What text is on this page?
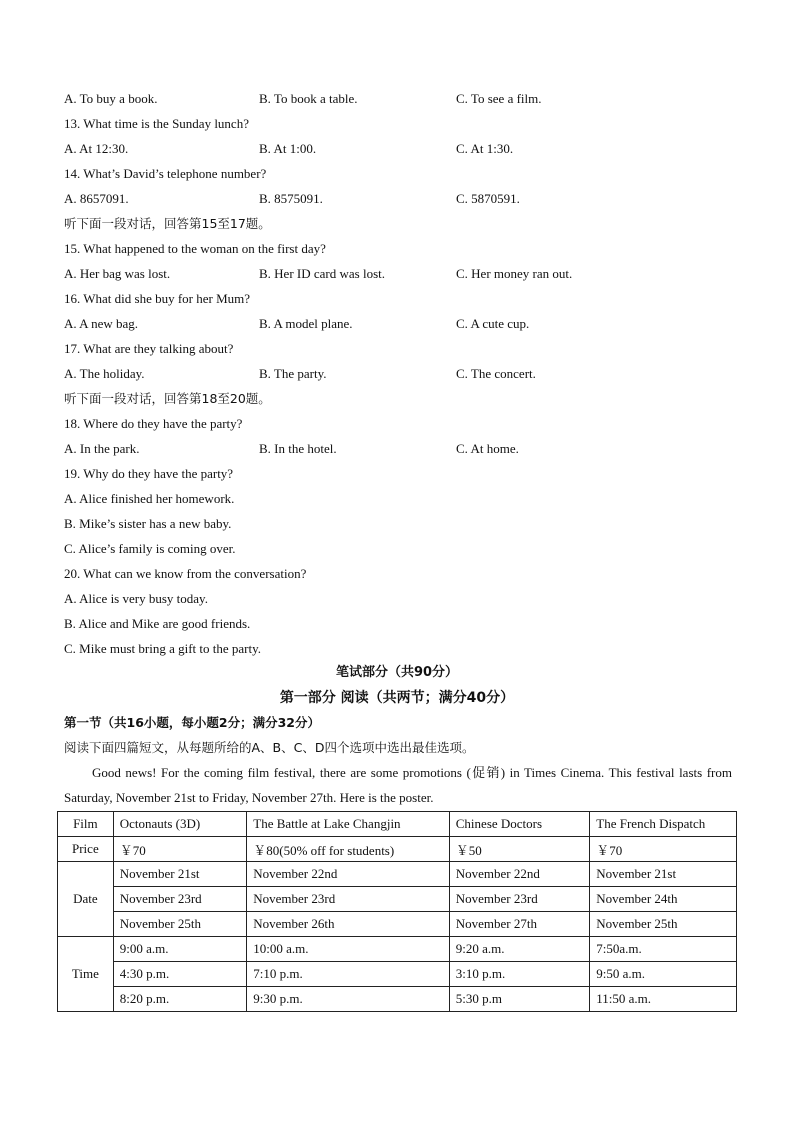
A. To buy a book.	B. To book a table.	C. To see a film.
13. What time is the Sunday lunch?
A. At 12:30.	B. At 1:00.	C. At 1:30.
14. What’s David’s telephone number?
A. 8657091.	B. 8575091.	C. 5870591.
听下面一段对话，回答第15至17题。
15. What happened to the woman on the first day?
A. Her bag was lost.	B. Her ID card was lost.	C. Her money ran out.
16. What did she buy for her Mum?
A. A new bag.	B. A model plane.	C. A cute cup.
17. What are they talking about?
A. The holiday.	B. The party.	C. The concert.
听下面一段对话，回答第18至20题。
18. Where do they have the party?
A. In the park.	B. In the hotel.	C. At home.
19. Why do they have the party?
A. Alice finished her homework.
B. Mike’s sister has a new baby.
C. Alice’s family is coming over.
20. What can we know from the conversation?
A. Alice is very busy today.
B. Alice and Mike are good friends.
C. Mike must bring a gift to the party.
笔试部分（共90分）
第一部分 阅读（共两节；满分40分）
第一节（共16小题，每小题2分；满分32分）
阅读下面四篇短文，从每题所给的A、B、C、D四个选项中选出最佳选项。
Good news! For the coming film festival, there are some promotions (促销) in Times Cinema. This festival lasts from Saturday, November 21st to Friday, November 27th. Here is the poster.
Film	Octonauts (3D)	The Battle at Lake Changjin	Chinese Doctors	The French Dispatch
Price	￥70	￥80(50% off for students)	￥50	￥70
Date	November 21st	November 22nd	November 22nd	November 21st
	November 23rd	November 23rd	November 23rd	November 24th
	November 25th	November 26th	November 27th	November 25th
Time	9:00 a.m.	10:00 a.m.	9:20 a.m.	7:50a.m.
	4:30 p.m.	7:10 p.m.	3:10 p.m.	9:50 a.m.
	8:20 p.m.	9:30 p.m.	5:30 p.m	11:50 a.m.
